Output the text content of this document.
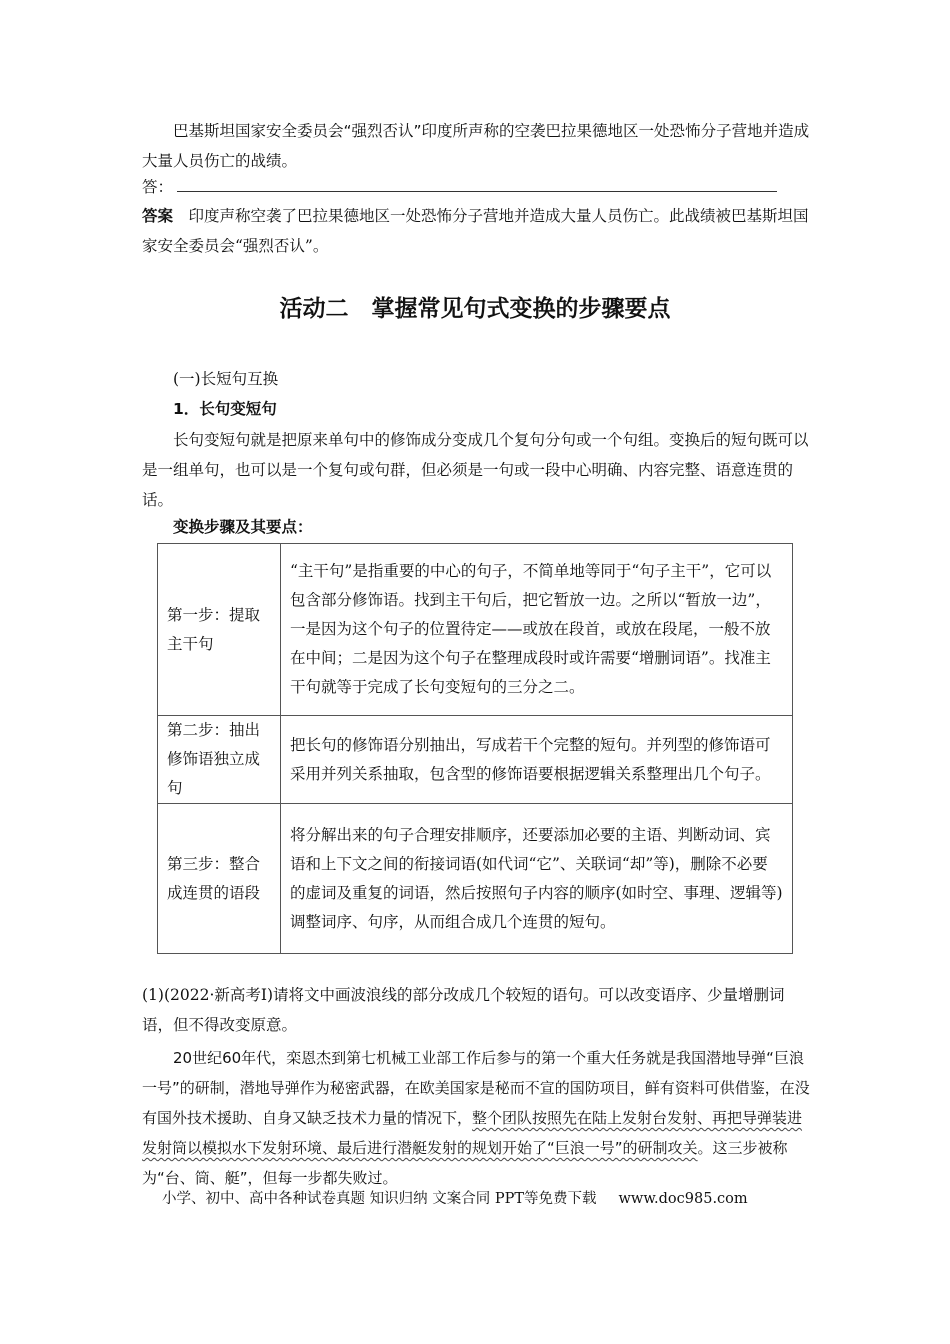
巴基斯坦国家安全委员会“强烈否认”印度所声称的空袭巴拉果德地区一处恐怖分子营地并造成大量人员伤亡的战绩。

答：

答案　 印度声称空袭了巴拉果德地区一处恐怖分子营地并造成大量人员伤亡。此战绩被巴基斯坦国家安全委员会“强烈否认”。

活动二　掌握常见句式变换的步骤要点

(一)长短句互换

1．长句变短句

长句变短句就是把原来单句中的修饰成分变成几个复句分句或一个句组。变换后的短句既可以是一组单句，也可以是一个复句或句群，但必须是一句或一段中心明确、内容完整、语意连贯的话。

变换步骤及其要点：

第一步：提取主干句	“主干句”是指重要的中心的句子，不简单地等同于“句子主干”，它可以包含部分修饰语。找到主干句后，把它暂放一边。之所以“暂放一边”，一是因为这个句子的位置待定——或放在段首，或放在段尾，一般不放在中间；二是因为这个句子在整理成段时或许需要“增删词语”。找准主干句就等于完成了长句变短句的三分之二。
第二步：抽出修饰语独立成句	把长句的修饰语分别抽出，写成若干个完整的短句。并列型的修饰语可采用并列关系抽取，包含型的修饰语要根据逻辑关系整理出几个句子。
第三步：整合成连贯的语段	将分解出来的句子合理安排顺序，还要添加必要的主语、判断动词、宾语和上下文之间的衔接词语(如代词“它”、关联词“却”等)，删除不必要的虚词及重复的词语，然后按照句子内容的顺序(如时空、事理、逻辑等)调整词序、句序，从而组合成几个连贯的短句。

(1)(2022·新高考Ⅰ)请将文中画波浪线的部分改成几个较短的语句。可以改变语序、少量增删词语，但不得改变原意。

20世纪60年代，栾恩杰到第七机械工业部工作后参与的第一个重大任务就是我国潜地导弹“巨浪一号”的研制，潜地导弹作为秘密武器，在欧美国家是秘而不宣的国防项目，鲜有资料可供借鉴，在没有国外技术援助、自身又缺乏技术力量的情况下，整个团队按照先在陆上发射台发射、再把导弹装进发射筒以模拟水下发射环境、最后进行潜艇发射的规划开始了“巨浪一号”的研制攻关。这三步被称为“台、筒、艇”，但每一步都失败过。

小学、初中、高中各种试卷真题 知识归纳 文案合同 PPT等免费下载 www.doc985.com
